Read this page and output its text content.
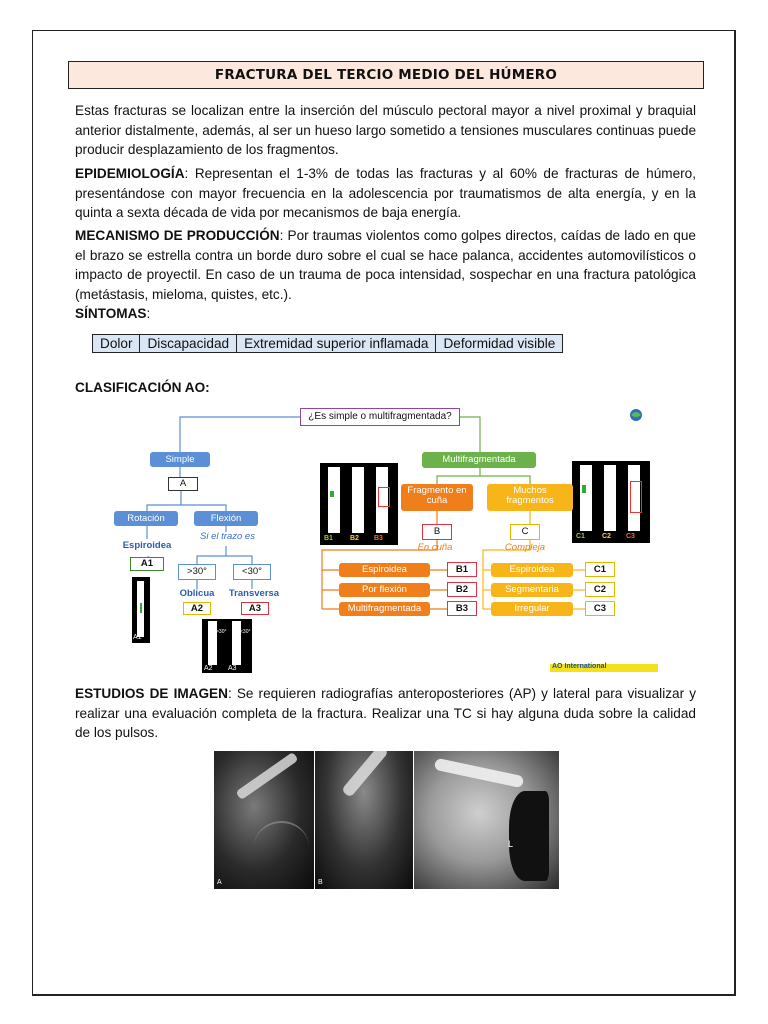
FRACTURA DEL TERCIO MEDIO DEL HÚMERO
Estas fracturas se localizan entre la inserción del músculo pectoral mayor a nivel proximal y braquial anterior distalmente, además, al ser un hueso largo sometido a tensiones musculares continuas puede producir desplazamiento de los fragmentos.
EPIDEMIOLOGÍA: Representan el 1-3% de todas las fracturas y al 60% de fracturas de húmero, presentándose con mayor frecuencia en la adolescencia por traumatismos de alta energía, y en la quinta a sexta década de vida por mecanismos de baja energía.
MECANISMO DE PRODUCCIÓN: Por traumas violentos como golpes directos, caídas de lado en que el brazo se estrella contra un borde duro sobre el cual se hace palanca, accidentes automovilísticos o impacto de proyectil. En caso de un trauma de poca intensidad, sospechar en una fractura patológica (metástasis, mieloma, quistes, etc.).
SÍNTOMAS:
Dolor	Discapacidad	Extremidad superior inflamada	Deformidad visible
CLASIFICACIÓN AO:
¿Es simple o multifragmentada?
Simple
A
Rotación	Flexión
Espiroidea
A1
Si el trazo es
>30°	<30°
Oblicua	Transversa
A2	A3
A1
>30°	<30°
A2 A3
B1 B2 B3	C1 C2 C3
Multifragmentada
Fragmento en cuña
Muchos fragmentos
B	C
En cuña	Compleja
Espiroidea
Por flexión
Multifragmentada
B1
B2
B3
Espiroidea
Segmentaria
Irregular
C1
C2
C3
AO International
ESTUDIOS DE IMAGEN: Se requieren radiografías anteroposteriores (AP) y lateral para visualizar y realizar una evaluación completa de la fractura. Realizar una TC si hay alguna duda sobre la calidad de los pulsos.
A	B
L
